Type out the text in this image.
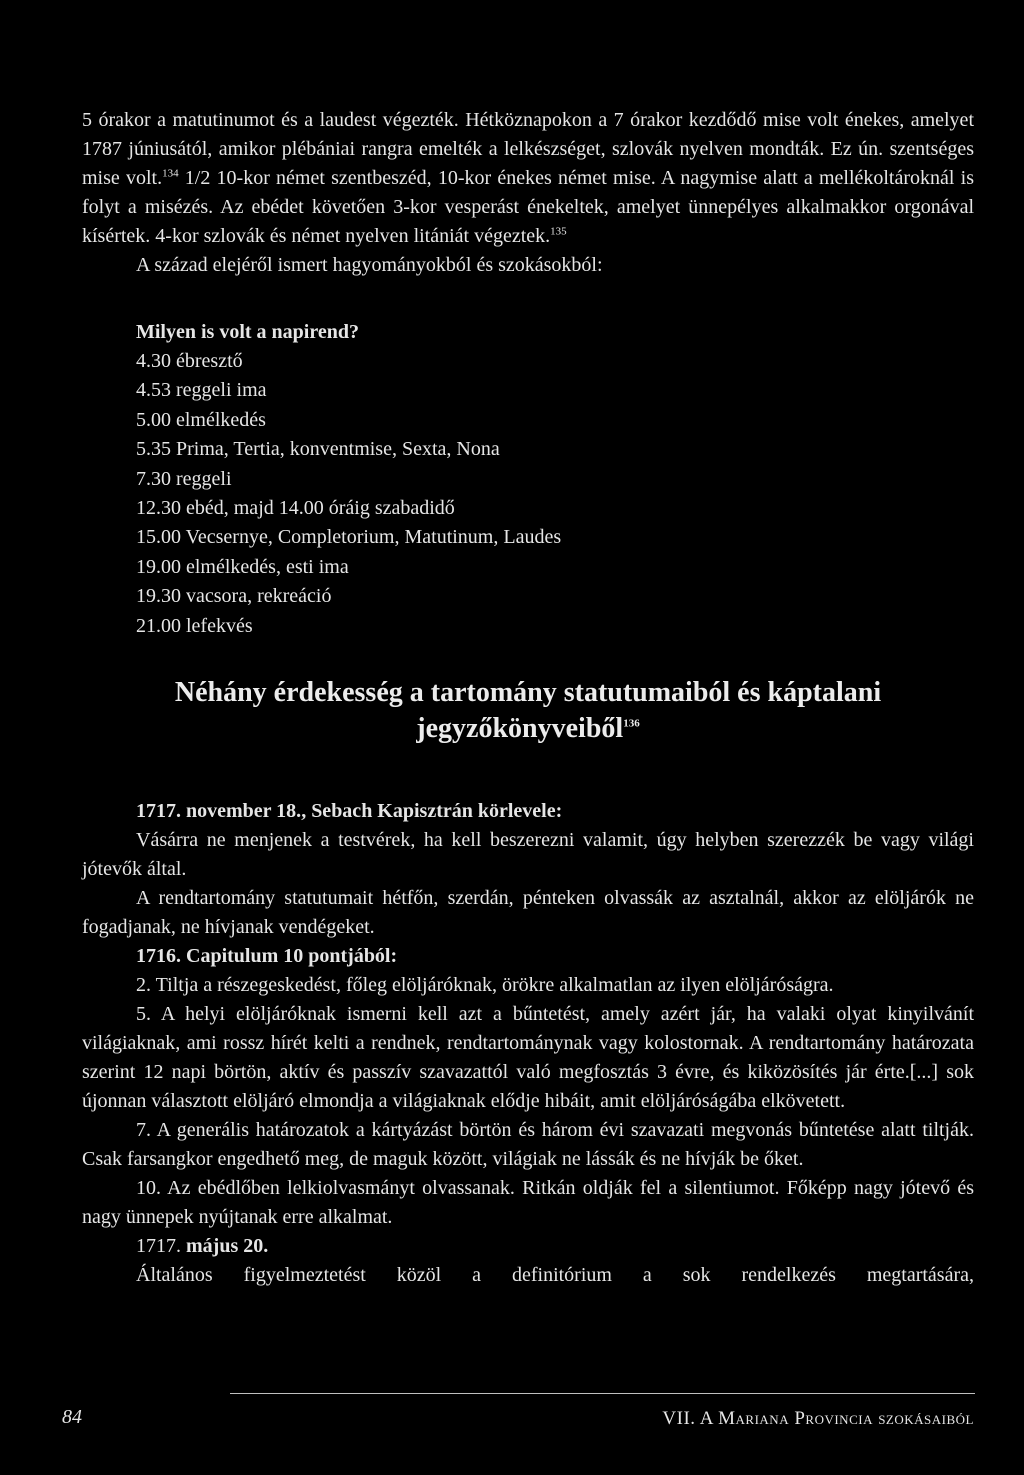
5 órakor a matutinumot és a laudest végezték. Hétköznapokon a 7 órakor kezdődő mise volt énekes, amelyet 1787 júniusától, amikor plébániai rangra emelték a lelkészséget, szlovák nyelven mondták. Ez ún. szentséges mise volt.$^{134}$ 1/2 10-kor német szentbeszéd, 10-kor énekes német mise. A nagymise alatt a mellékoltároknál is folyt a misézés. Az ebédet követően 3-kor vesperást énekeltek, amelyet ünnepélyes alkalmakkor orgonával kísértek. 4-kor szlovák és német nyelven litániát végeztek.$^{135}$

A század elejéről ismert hagyományokból és szokásokból:

Milyen is volt a napirend?
4.30 ébresztő
4.53 reggeli ima
5.00 elmélkedés
5.35 Prima, Tertia, konventmise, Sexta, Nona
7.30 reggeli
12.30 ebéd, majd 14.00 óráig szabadidő
15.00 Vecsernye, Completorium, Matutinum, Laudes
19.00 elmélkedés, esti ima
19.30 vacsora, rekreáció
21.00 lefekvés
Néhány érdekesség a tartomány statutumaiból és káptalani
jegyzőkönyveiből$^{136}$

1717. november 18., Sebach Kapisztrán körlevele:

Vásárra ne menjenek a testvérek, ha kell beszerezni valamit, úgy helyben szerezzék be vagy világi jótevők által.

A rendtartomány statutumait hétfőn, szerdán, pénteken olvassák az asztalnál, akkor az elöljárók ne fogadjanak, ne hívjanak vendégeket.

1716. Capitulum 10 pontjából:

2. Tiltja a részegeskedést, főleg elöljáróknak, örökre alkalmatlan az ilyen elöljáróságra.

5. A helyi elöljáróknak ismerni kell azt a bűntetést, amely azért jár, ha valaki olyat kinyilvánít világiaknak, ami rossz hírét kelti a rendnek, rendtartománynak vagy kolostornak. A rendtartomány határozata szerint 12 napi börtön, aktív és passzív szavazattól való megfosztás 3 évre, és kiközösítés jár érte.[...] sok újonnan választott elöljáró elmondja a világiaknak elődje hibáit, amit elöljáróságába elkövetett.

7. A generális határozatok a kártyázást börtön és három évi szavazati megvonás bűntetése alatt tiltják. Csak farsangkor engedhető meg, de maguk között, világiak ne lássák és ne hívják be őket.

10. Az ebédlőben lelkiolvasmányt olvassanak. Ritkán oldják fel a silentiumot. Főképp nagy jótevő és nagy ünnepek nyújtanak erre alkalmat.

1717. május 20.

Általános figyelmeztetést közöl a definitórium a sok rendelkezés megtartására,

84	VII. A Mariana Provincia szokásaiból
